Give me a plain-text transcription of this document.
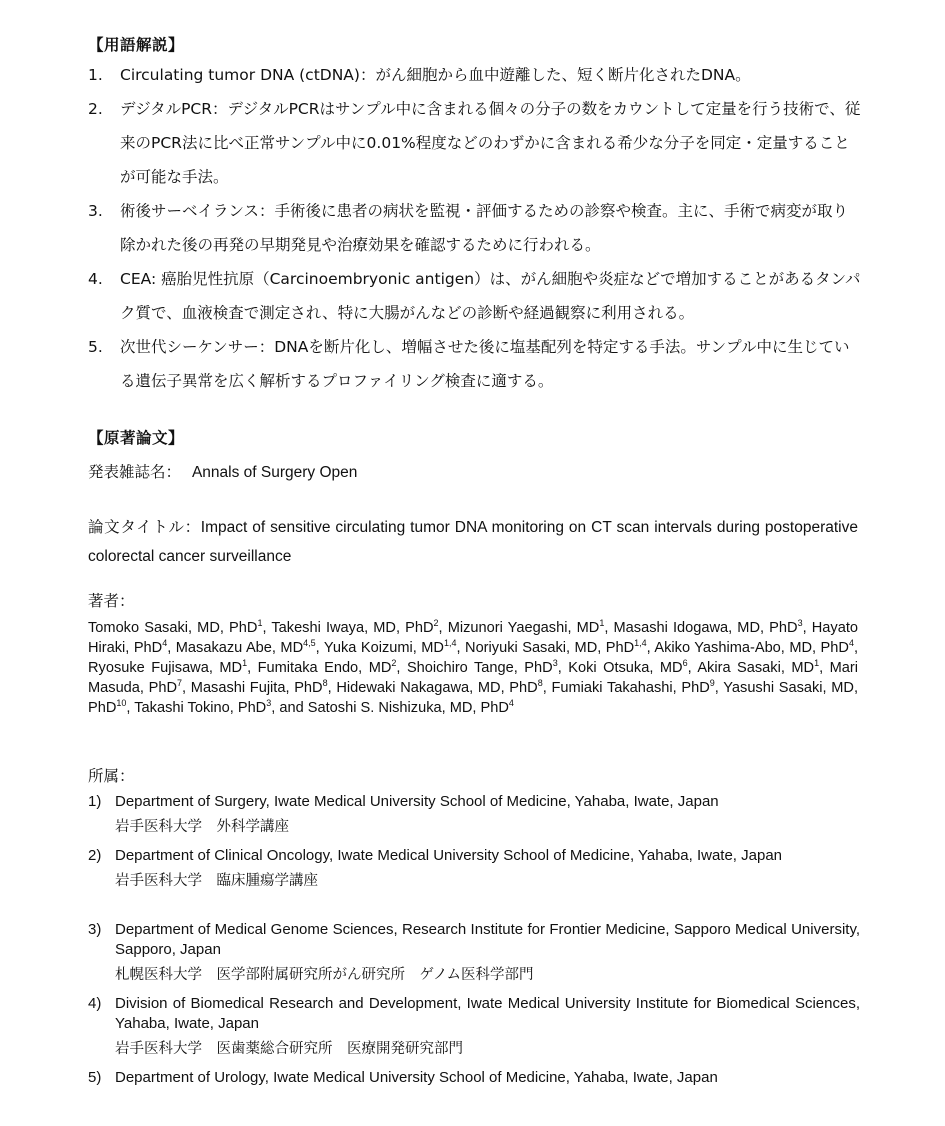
【用語解説】
1.	Circulating tumor DNA (ctDNA)：がん細胞から血中遊離した、短く断片化されたDNA。
2.	デジタルPCR：デジタルPCRはサンプル中に含まれる個々の分子の数をカウントして定量を行う技術で、従来のPCR法に比べ正常サンプル中に0.01%程度などのわずかに含まれる希少な分子を同定・定量することが可能な手法。
3.	術後サーベイランス：手術後に患者の病状を監視・評価するための診察や検査。主に、手術で病変が取り除かれた後の再発の早期発見や治療効果を確認するために行われる。
4.	CEA: 癌胎児性抗原（Carcinoembryonic antigen）は、がん細胞や炎症などで増加することがあるタンパク質で、血液検査で測定され、特に大腸がんなどの診断や経過観察に利用される。
5.	次世代シーケンサー：DNAを断片化し、増幅させた後に塩基配列を特定する手法。サンプル中に生じている遺伝子異常を広く解析するプロファイリング検査に適する。
【原著論文】
発表雑誌名： Annals of Surgery Open
論文タイトル：Impact of sensitive circulating tumor DNA monitoring on CT scan intervals during postoperative colorectal cancer surveillance
著者：
Tomoko Sasaki, MD, PhD$^1$, Takeshi Iwaya, MD, PhD$^2$, Mizunori Yaegashi, $MD^1$, Masashi Idogawa, MD, PhD$^3$, Hayato Hiraki, PhD$^4$, Masakazu Abe, MD$^{4,5}$, Yuka Koizumi, MD$^{1,4}$, Noriyuki Sasaki, MD, PhD$^{1,4}$, Akiko Yashima-Abo, MD, PhD$^4$, Ryosuke Fujisawa, $MD^1$, Fumitaka Endo, $MD^2$, Shoichiro Tange, PhD$^3$, Koki Otsuka, $MD^6$, Akira Sasaki, $MD^1$, Mari Masuda, PhD$^7$, Masashi Fujita, PhD$^8$, Hidewaki Nakagawa, MD, PhD$^8$, Fumiaki Takahashi, PhD$^9$, Yasushi Sasaki, MD, PhD$^{10}$, Takashi Tokino, PhD$^3$, and Satoshi S. Nishizuka, MD, PhD$^4$
所属：
1) Department of Surgery, Iwate Medical University School of Medicine, Yahaba, Iwate, Japan
岩手医科大学　外科学講座
2) Department of Clinical Oncology, Iwate Medical University School of Medicine, Yahaba, Iwate, Japan
岩手医科大学　臨床腫瘍学講座
3) Department of Medical Genome Sciences, Research Institute for Frontier Medicine, Sapporo Medical University, Sapporo, Japan
札幌医科大学　医学部附属研究所がん研究所　ゲノム医科学部門
4) Division of Biomedical Research and Development, Iwate Medical University Institute for Biomedical Sciences, Yahaba, Iwate, Japan
岩手医科大学　医歯薬総合研究所　医療開発研究部門
5) Department of Urology, Iwate Medical University School of Medicine, Yahaba, Iwate, Japan
